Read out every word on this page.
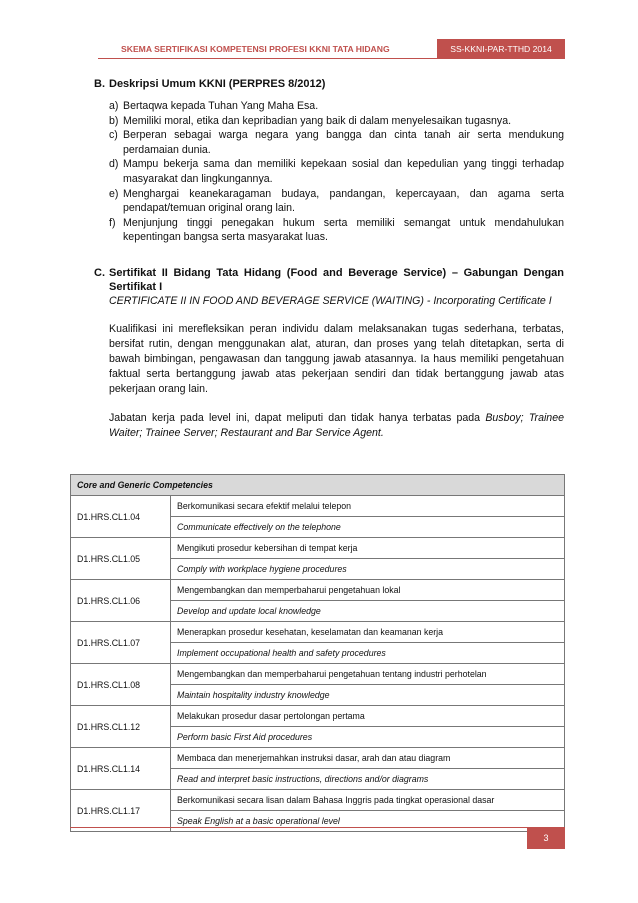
SKEMA SERTIFIKASI KOMPETENSI PROFESI KKNI TATA HIDANG	SS-KKNI-PAR-TTHD 2014
B. Deskripsi Umum KKNI (PERPRES 8/2012)
a) Bertaqwa kepada Tuhan Yang Maha Esa.
b) Memiliki moral, etika dan kepribadian yang baik di dalam menyelesaikan tugasnya.
c) Berperan sebagai warga negara yang bangga dan cinta tanah air serta mendukung perdamaian dunia.
d) Mampu bekerja sama dan memiliki kepekaan sosial dan kepedulian yang tinggi terhadap masyarakat dan lingkungannya.
e) Menghargai keanekaragaman budaya, pandangan, kepercayaan, dan agama serta pendapat/temuan original orang lain.
f) Menjunjung tinggi penegakan hukum serta memiliki semangat untuk mendahulukan kepentingan bangsa serta masyarakat luas.
C. Sertifikat II Bidang Tata Hidang (Food and Beverage Service) – Gabungan Dengan Sertifikat I
CERTIFICATE II IN FOOD AND BEVERAGE SERVICE (WAITING) - Incorporating Certificate I
Kualifikasi ini merefleksikan peran individu dalam melaksanakan tugas sederhana, terbatas, bersifat rutin, dengan menggunakan alat, aturan, dan proses yang telah ditetapkan, serta di bawah bimbingan, pengawasan dan tanggung jawab atasannya. Ia haus memiliki pengetahuan faktual serta bertanggung jawab atas pekerjaan sendiri dan tidak bertanggung jawab atas pekerjaan orang lain.
Jabatan kerja pada level ini, dapat meliputi dan tidak hanya terbatas pada Busboy; Trainee Waiter; Trainee Server; Restaurant and Bar Service Agent.
Core and Generic Competencies	
D1.HRS.CL1.04	Berkomunikasi secara efektif melalui telepon
	Communicate effectively on the telephone
D1.HRS.CL1.05	Mengikuti prosedur kebersihan di tempat kerja
	Comply with workplace hygiene procedures
D1.HRS.CL1.06	Mengembangkan dan memperbaharui pengetahuan lokal
	Develop and update local knowledge
D1.HRS.CL1.07	Menerapkan prosedur kesehatan, keselamatan dan keamanan kerja
	Implement occupational health and safety procedures
D1.HRS.CL1.08	Mengembangkan dan memperbaharui pengetahuan tentang industri perhotelan
	Maintain hospitality industry knowledge
D1.HRS.CL1.12	Melakukan prosedur dasar pertolongan pertama
	Perform basic First Aid procedures
D1.HRS.CL1.14	Membaca dan menerjemahkan instruksi dasar, arah dan atau diagram
	Read and interpret basic instructions, directions and/or diagrams
D1.HRS.CL1.17	Berkomunikasi secara lisan dalam Bahasa Inggris pada tingkat operasional dasar
	Speak English at a basic operational level
3
